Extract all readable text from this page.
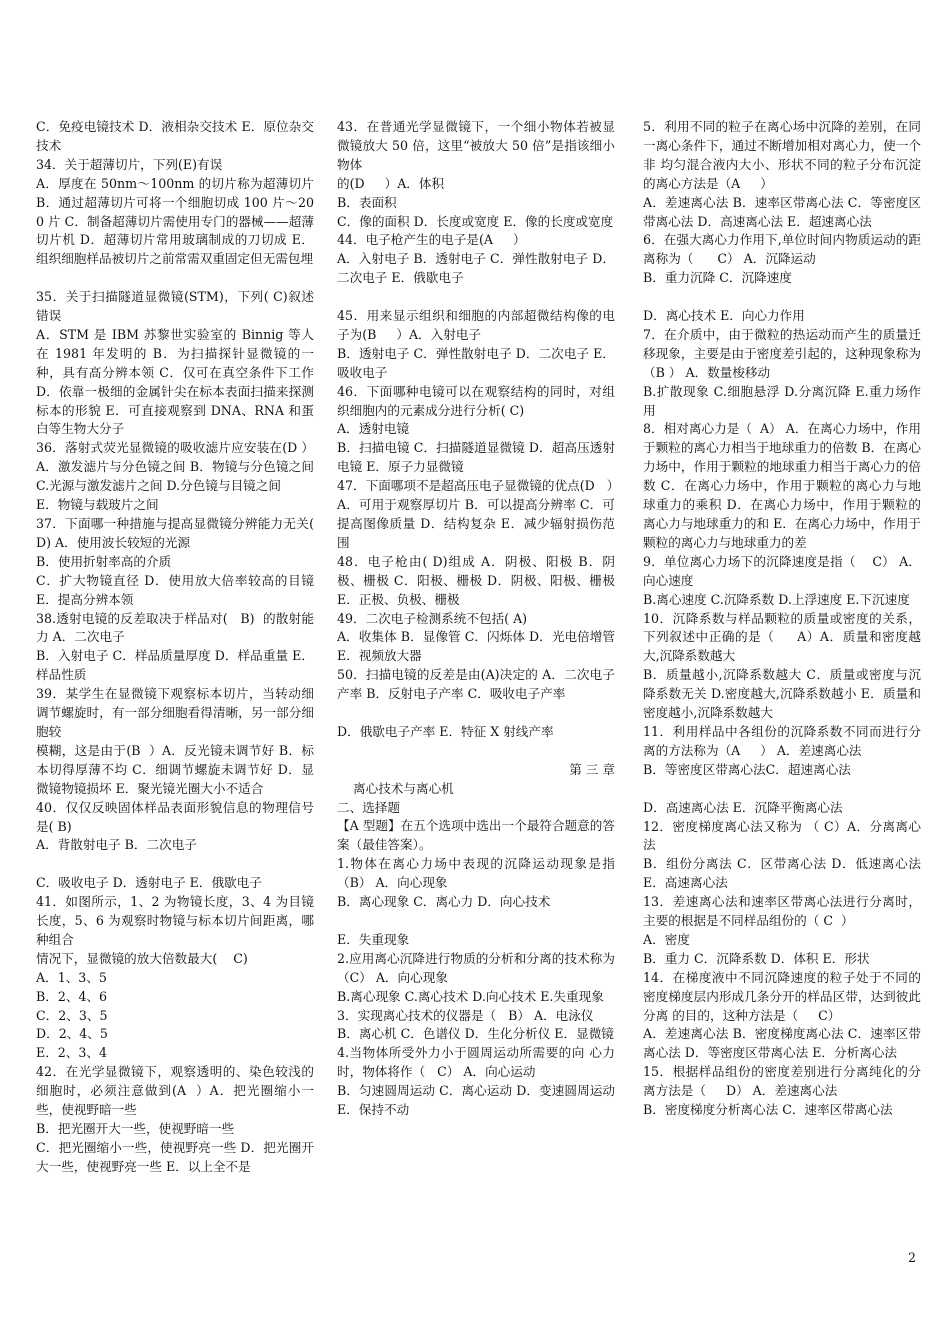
C．免疫电镜技术 D．液相杂交技术 E．原位杂交技术

34．关于超薄切片，下列(E)有误

A．厚度在 50nm～100nm 的切片称为超薄切片 B．通过超薄切片可将一个细胞切成 100 片～200 片 C．制备超薄切片需使用专门的器械——超薄切片机 D．超薄切片常用玻璃制成的刀切成 E．组织细胞样品被切片之前常需双重固定但无需包埋

35．关于扫描隧道显微镜(STM)，下列( C)叙述错误

A．STM 是 IBM 苏黎世实验室的 Binnig 等人在 1981 年发明的 B．为扫描探针显微镜的一种，具有高分辨本领 C．仅可在真空条件下工作 D．依靠一极细的金属针尖在标本表面扫描来探测标本的形貌 E．可直接观察到 DNA、RNA 和蛋白等生物大分子

36．落射式荧光显微镜的吸收滤片应安装在(D ）A．激发滤片与分色镜之间 B．物镜与分色镜之间 C.光源与激发滤片之间 D.分色镜与目镜之间

E．物镜与载玻片之间

37．下面哪一种措施与提高显微镜分辨能力无关(    D) A．使用波长较短的光源

B．使用折射率高的介质

C．扩大物镜直径 D．使用放大倍率较高的目镜 E．提高分辨本领

38.透射电镜的反差取决于样品对(   B)  的散射能力 A．二次电子

B．入射电子 C．样品质量厚度 D．样品重量 E．样品性质

39．某学生在显微镜下观察标本切片，当转动细调节螺旋时，有一部分细胞看得清晰，另一部分细胞较

模糊，这是由于(B  ）A．反光镜未调节好 B．标本切得厚薄不均 C．细调节螺旋未调节好 D．显微镜物镜损坏 E．聚光镜光圈大小不适合

40．仅仅反映固体样品表面形貌信息的物理信号是( B)

A．背散射电子 B．二次电子

C．吸收电子 D．透射电子 E．俄歇电子

41．如图所示，1、2 为物镜长度，3、4 为目镜长度，5、6 为观察时物镜与标本切片间距离，哪种组合

情况下，显微镜的放大倍数最大(    C)

A．1、3、5

B．2、4、6

C．2、3、5

D．2、4、5

E．2、3、4

42．在光学显微镜下，观察透明的、染色较浅的细胞时，必须注意做到(A  ）A．把光圈缩小一些，使视野暗一些

B．把光圈开大一些，使视野暗一些

C．把光圈缩小一些，使视野亮一些 D．把光圈开大一些，使视野亮一些 E．以上全不是

43．在普通光学显微镜下，一个细小物体若被显微镜放大 50 倍，这里“被放大 50 倍”是指该细小物体

的(D     ）A．体积

B．表面积

C．像的面积 D．长度或宽度 E．像的长度或宽度

44．电子枪产生的电子是(A     ）

A．入射电子 B．透射电子 C．弹性散射电子 D．二次电子 E．俄歇电子

45．用来显示组织和细胞的内部超微结构像的电子为(B     ）A．入射电子

B．透射电子 C．弹性散射电子 D．二次电子 E．吸收电子

46．下面哪种电镜可以在观察结构的同时，对组织细胞内的元素成分进行分析( C)

A．透射电镜

B．扫描电镜 C．扫描隧道显微镜 D．超高压透射电镜 E．原子力显微镜

47．下面哪项不是超高压电子显微镜的优点(D   ）

A．可用于观察厚切片 B．可以提高分辨率 C．可提高图像质量 D．结构复杂 E．减少辐射损伤范围

48．电子枪由( D)组成 A．阴极、阳极 B．阴极、栅极 C．阳极、栅极 D．阴极、阳极、栅极 E．正极、负极、栅极

49．二次电子检测系统不包括( A)

A．收集体 B．显像管 C．闪烁体 D．光电倍增管 E．视频放大器

50．扫描电镜的反差是由(A)决定的 A．二次电子产率 B．反射电子产率 C．吸收电子产率

D．俄歇电子产率 E．特征 X 射线产率

第 三 章

离心技术与离心机

二、选择题

【A 型题】在五个选项中选出一个最符合题意的答案（最佳答案）。

1.物体在离心力场中表现的沉降运动现象是指（B） A．向心现象

B．离心现象 C．离心力 D．向心技术

E．失重现象

2.应用离心沉降进行物质的分析和分离的技术称为（C） A．向心现象

B.离心现象 C.离心技术 D.向心技术 E.失重现象

3．实现离心技术的仪器是（   B） A．电泳仪

B．离心机 C．色谱仪 D．生化分析仪 E．显微镜

4.当物体所受外力小于圆周运动所需要的向 心力时，物体将作（   C） A．向心运动

B．匀速圆周运动 C．离心运动 D．变速圆周运动 E．保持不动

5．利用不同的粒子在离心场中沉降的差别，在同一离心条件下，通过不断增加相对离心力，使一个非 均匀混合液内大小、形状不同的粒子分布沉淀的离心方法是（A     ）

A．差速离心法 B．速率区带离心法 C．等密度区带离心法 D．高速离心法 E．超速离心法

6．在强大离心力作用下,单位时间内物质运动的距离称为（      C） A．沉降运动

B．重力沉降 C．沉降速度

D．离心技术 E．向心力作用

7．在介质中，由于微粒的热运动而产生的质量迁移现象，主要是由于密度差引起的，这种现象称为（B ） A．数量梭移动

B.扩散现象 C.细胞悬浮 D.分离沉降 E.重力场作用

8．相对离心力是（  A） A．在离心力场中，作用于颗粒的离心力相当于地球重力的倍数 B．在离心力场中，作用于颗粒的地球重力相当于离心力的倍数 C．在离心力场中，作用于颗粒的离心力与地球重力的乘积 D．在离心力场中，作用于颗粒的离心力与地球重力的和 E．在离心力场中，作用于颗粒的离心力与地球重力的差

9．单位离心力场下的沉降速度是指（    C） A．向心速度

B.离心速度 C.沉降系数 D.上浮速度 E.下沉速度

10．沉降系数与样品颗粒的质量或密度的关系，下列叙述中正确的是（     A）A．质量和密度越大,沉降系数越大

B．质量越小,沉降系数越大 C．质量或密度与沉降系数无关 D.密度越大,沉降系数越小 E．质量和密度越小,沉降系数越大

11．利用样品中各组份的沉降系数不同而进行分离的方法称为（A     ） A．差速离心法

B．等密度区带离心法C．超速离心法

D．高速离心法 E．沉降平衡离心法

12．密度梯度离心法又称为 （ C）A．分离离心法

B．组份分离法 C．区带离心法 D．低速离心法 E．高速离心法

13．差速离心法和速率区带离心法进行分离时，主要的根据是不同样品组份的（ C  ）

A．密度

B．重力 C．沉降系数 D．体积 E．形状

14．在梯度液中不同沉降速度的粒子处于不同的密度梯度层内形成几条分开的样品区带，达到彼此分离 的目的，这种方法是（     C）

A．差速离心法 B．密度梯度离心法 C．速率区带离心法 D．等密度区带离心法 E．分析离心法

15．根据样品组份的密度差别进行分离纯化的分离方法是（     D） A．差速离心法

B．密度梯度分析离心法 C．速率区带离心法

2
